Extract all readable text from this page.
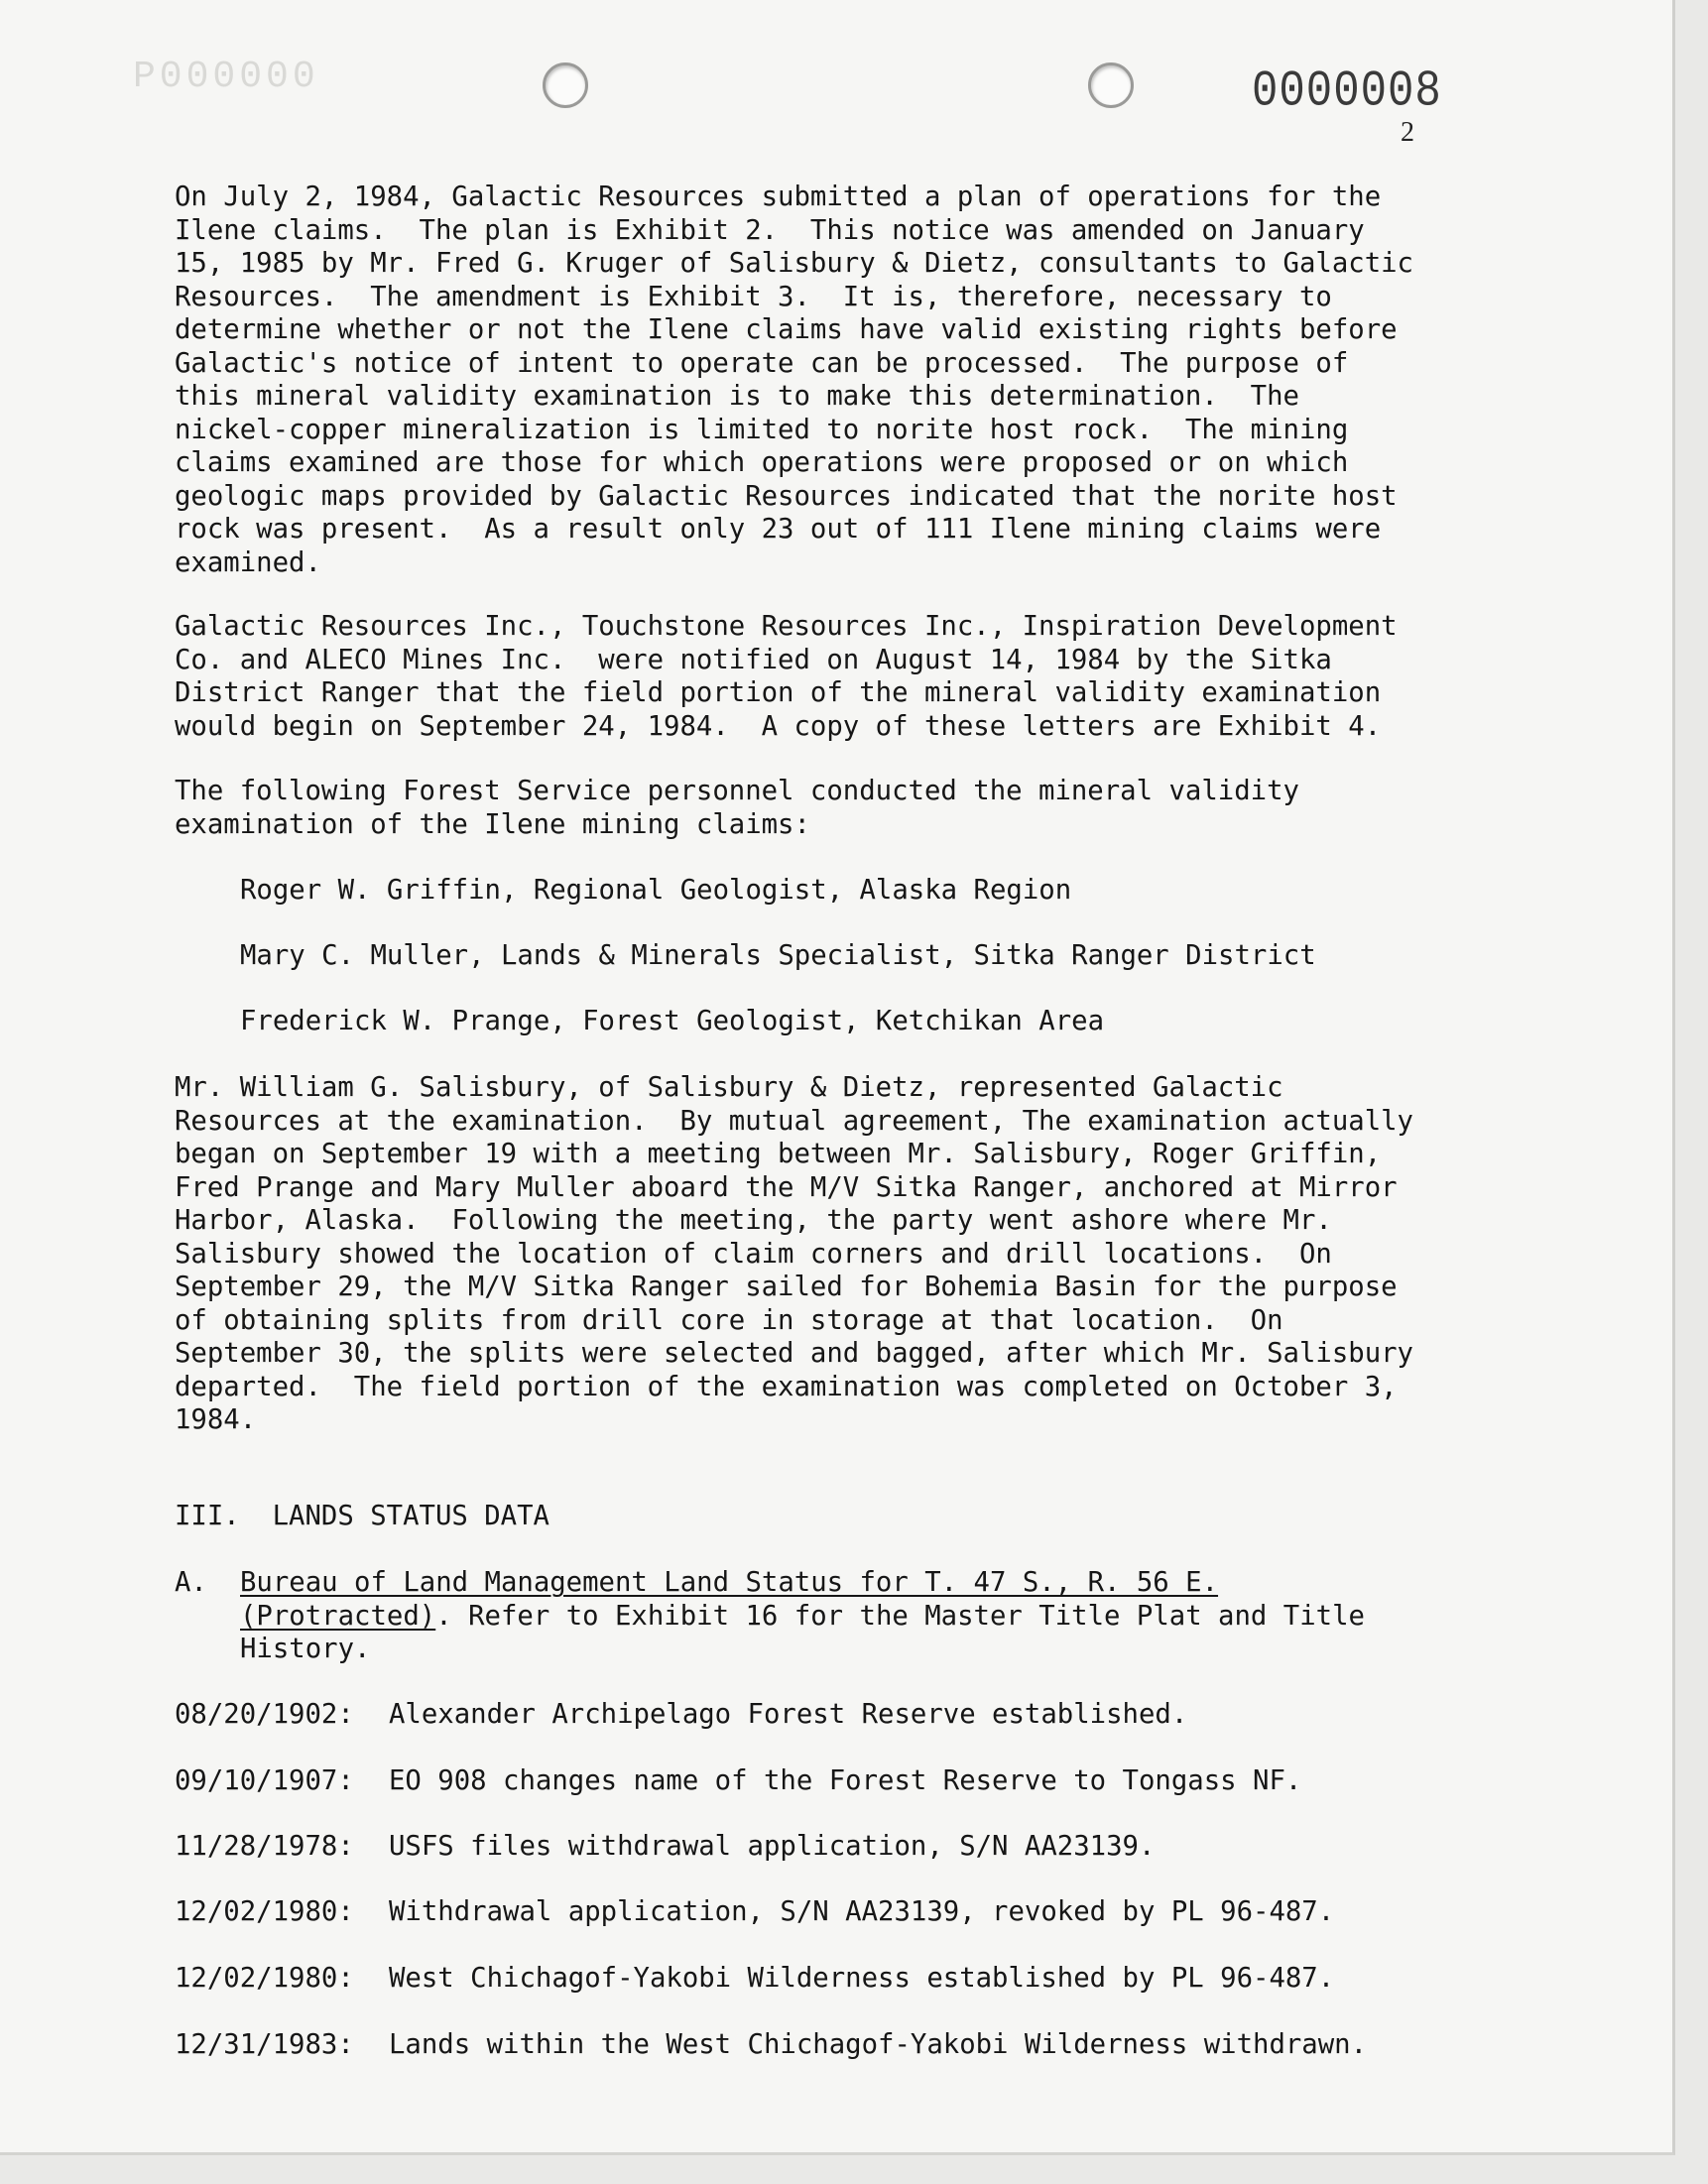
P000000	0000008
2
On July 2, 1984, Galactic Resources submitted a plan of operations for the
Ilene claims.  The plan is Exhibit 2.  This notice was amended on January
15, 1985 by Mr. Fred G. Kruger of Salisbury & Dietz, consultants to Galactic
Resources.  The amendment is Exhibit 3.  It is, therefore, necessary to
determine whether or not the Ilene claims have valid existing rights before
Galactic's notice of intent to operate can be processed.  The purpose of
this mineral validity examination is to make this determination.  The
nickel-copper mineralization is limited to norite host rock.  The mining
claims examined are those for which operations were proposed or on which
geologic maps provided by Galactic Resources indicated that the norite host
rock was present.  As a result only 23 out of 111 Ilene mining claims were
examined.
Galactic Resources Inc., Touchstone Resources Inc., Inspiration Development
Co. and ALECO Mines Inc.  were notified on August 14, 1984 by the Sitka
District Ranger that the field portion of the mineral validity examination
would begin on September 24, 1984.  A copy of these letters are Exhibit 4.
The following Forest Service personnel conducted the mineral validity
examination of the Ilene mining claims:
Roger W. Griffin, Regional Geologist, Alaska Region
Mary C. Muller, Lands & Minerals Specialist, Sitka Ranger District
Frederick W. Prange, Forest Geologist, Ketchikan Area
Mr. William G. Salisbury, of Salisbury & Dietz, represented Galactic
Resources at the examination.  By mutual agreement, The examination actually
began on September 19 with a meeting between Mr. Salisbury, Roger Griffin,
Fred Prange and Mary Muller aboard the M/V Sitka Ranger, anchored at Mirror
Harbor, Alaska.  Following the meeting, the party went ashore where Mr.
Salisbury showed the location of claim corners and drill locations.  On
September 29, the M/V Sitka Ranger sailed for Bohemia Basin for the purpose
of obtaining splits from drill core in storage at that location.  On
September 30, the splits were selected and bagged, after which Mr. Salisbury
departed.  The field portion of the examination was completed on October 3,
1984.
III.  LANDS STATUS DATA
A. Bureau of Land Management Land Status for T. 47 S., R. 56 E.
(Protracted). Refer to Exhibit 16 for the Master Title Plat and Title
History.
08/20/1902: Alexander Archipelago Forest Reserve established.
09/10/1907: EO 908 changes name of the Forest Reserve to Tongass NF.
11/28/1978: USFS files withdrawal application, S/N AA23139.
12/02/1980: Withdrawal application, S/N AA23139, revoked by PL 96-487.
12/02/1980: West Chichagof-Yakobi Wilderness established by PL 96-487.
12/31/1983: Lands within the West Chichagof-Yakobi Wilderness withdrawn.
